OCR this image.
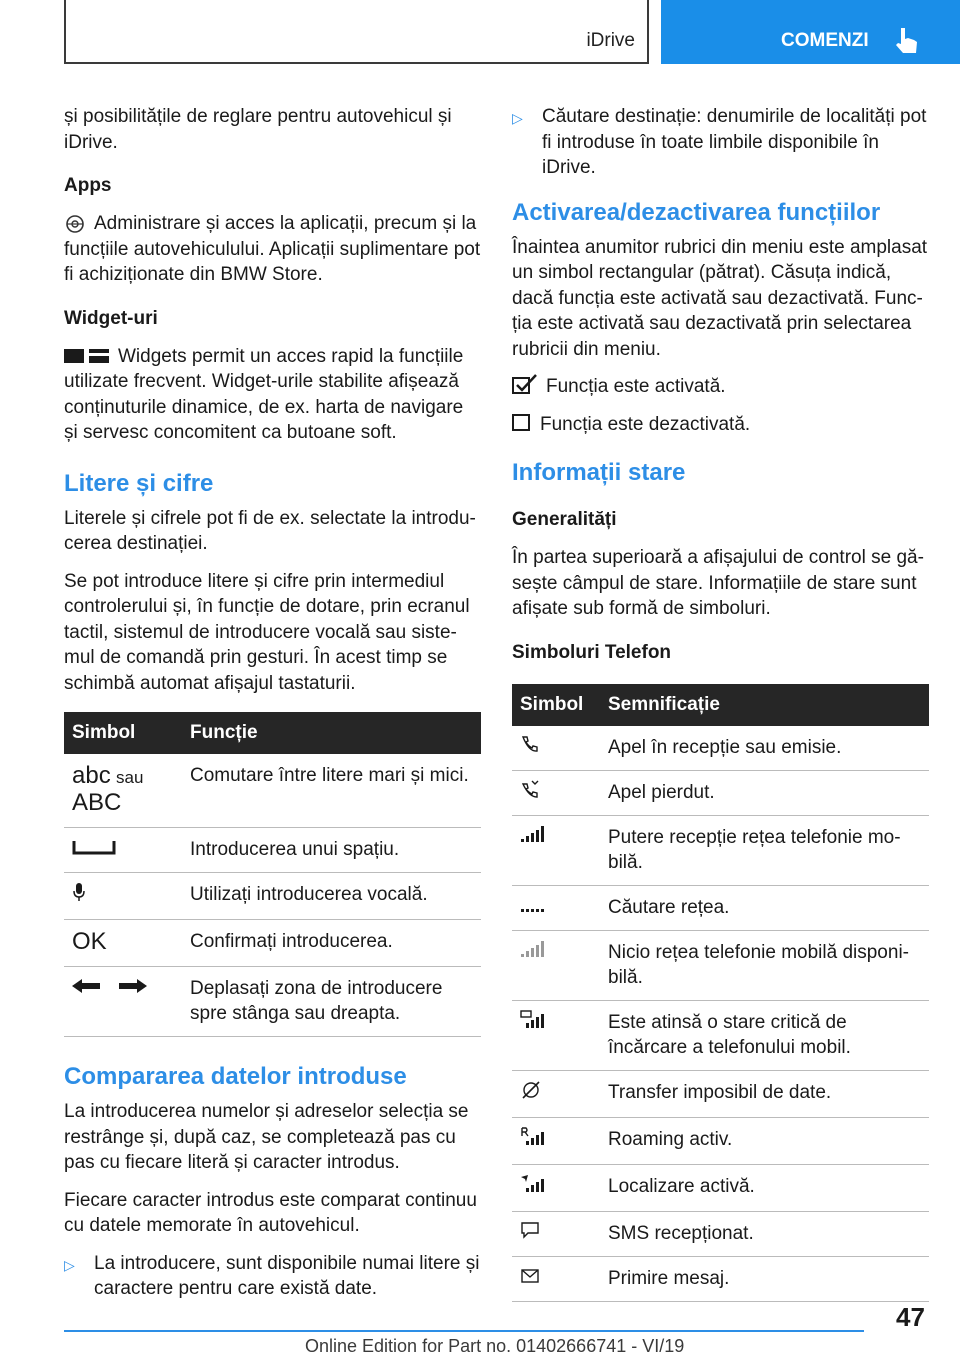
iDrive	COMENZI

și posibilitățile de reglare pentru autovehicul și iDrive.

Apps

Administrare și acces la aplicații, precum și la funcțiile autovehiculului. Aplicații suplimentare pot fi achiziționate din BMW Store.

Widget-uri

Widgets permit un acces rapid la funcțiile utilizate frecvent. Widget-urile stabilite afișează conținuturile dinamice, de ex. harta de navigare și servesc concomitent ca butoane soft.

Litere și cifre

Literele și cifrele pot fi de ex. selectate la introdu-cerea destinației.

Se pot introduce litere și cifre prin intermediul controlerului și, în funcție de dotare, prin ecranul tactil, sistemul de introducere vocală sau siste-mul de comandă prin gesturi. În acest timp se schimbă automat afișajul tastaturii.

Simbol	Funcție
abc sau
ABC	Comutare între litere mari și mici.
	Introducerea unui spațiu.
	Utilizați introducerea vocală.
OK	Confirmați introducerea.
	Deplasați zona de introducere spre stânga sau dreapta.
Compararea datelor introduse

La introducerea numelor și adreselor selecția se restrânge și, după caz, se completează pas cu pas cu fiecare literă și caracter introdus.

Fiecare caracter introdus este comparat continuu cu datele memorate în autovehicul.

▷	La introducere, sunt disponibile numai litere și caractere pentru care există date.
▷	Căutare destinație: denumirile de localități pot fi introduse în toate limbile disponibile în iDrive.
Activarea/dezactivarea funcțiilor

Înaintea anumitor rubrici din meniu este amplasat un simbol rectangular (pătrat). Căsuța indică, dacă funcția este activată sau dezactivată. Func-ția este activată sau dezactivată prin selectarea rubricii din meniu.

Funcția este activată.

Funcția este dezactivată.

Informații stare
Generalități

În partea superioară a afișajului de control se gă-sește câmpul de stare. Informațiile de stare sunt afișate sub formă de simboluri.

Simboluri Telefon
Simbol	Semnificație
	Apel în recepție sau emisie.
	Apel pierdut.
	Putere recepție rețea telefonie mo-bilă.
	Căutare rețea.
	Nicio rețea telefonie mobilă disponi-bilă.
	Este atinsă o stare critică de încărcare a telefonului mobil.
	Transfer imposibil de date.
	Roaming activ.
	Localizare activă.
	SMS recepționat.
	Primire mesaj.
47
Online Edition for Part no. 01402666741 - VI/19
